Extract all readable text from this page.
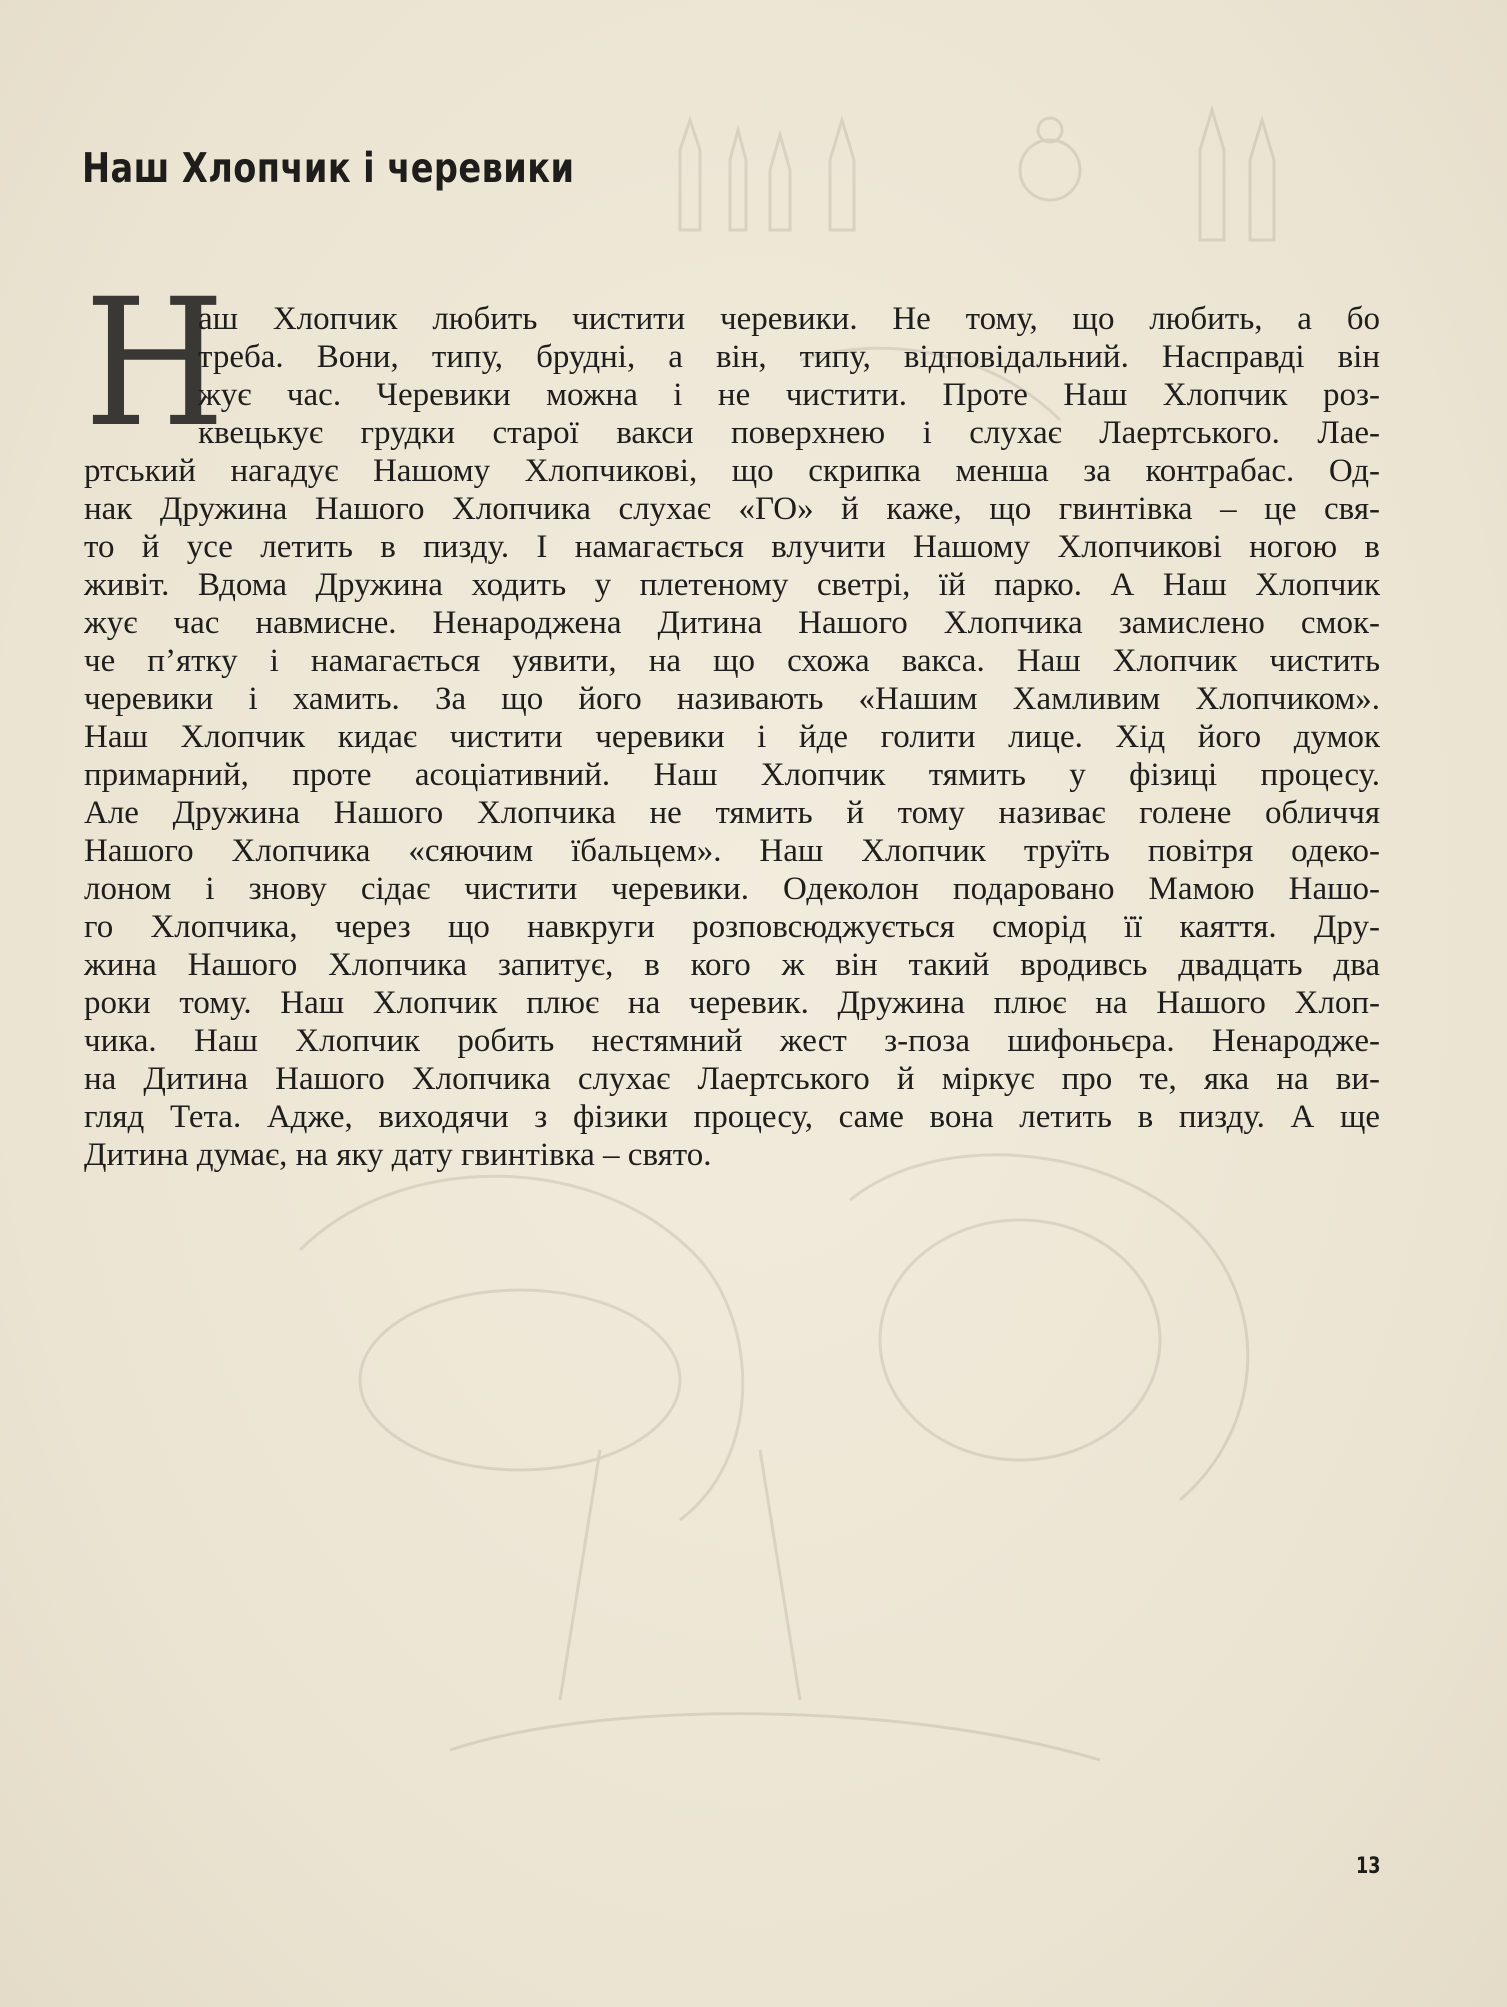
Наш Хлопчик і черевики
Н
аш Хлопчик любить чистити черевики. Не тому, що любить, а бо
треба. Вони, типу, брудні, а він, типу, відповідальний. Насправді він
жує час. Черевики можна і не чистити. Проте Наш Хлопчик роз-
квецькує грудки старої вакси поверхнею і слухає Лаертського. Лае-
ртський нагадує Нашому Хлопчикові, що скрипка менша за контрабас. Од-
нак Дружина Нашого Хлопчика слухає «ГО» й каже, що гвинтівка – це свя-
то й усе летить в пизду. І намагається влучити Нашому Хлопчикові ногою в
живіт. Вдома Дружина ходить у плетеному светрі, їй парко. А Наш Хлопчик
жує час навмисне. Ненароджена Дитина Нашого Хлопчика замислено смок-
че п’ятку і намагається уявити, на що схожа вакса. Наш Хлопчик чистить
черевики і хамить. За що його називають «Нашим Хамливим Хлопчиком».
Наш Хлопчик кидає чистити черевики і йде голити лице. Хід його думок
примарний, проте асоціативний. Наш Хлопчик тямить у фізиці процесу.
Але Дружина Нашого Хлопчика не тямить й тому називає голене обличчя
Нашого Хлопчика «сяючим їбальцем». Наш Хлопчик труїть повітря одеко-
лоном і знову сідає чистити черевики. Одеколон подаровано Мамою Нашо-
го Хлопчика, через що навкруги розповсюджується сморід її каяття. Дру-
жина Нашого Хлопчика запитує, в кого ж він такий вродивсь двадцать два
роки тому. Наш Хлопчик плює на черевик. Дружина плює на Нашого Хлоп-
чика. Наш Хлопчик робить нестямний жест з-поза шифоньєра. Ненароджe-
на Дитина Нашого Хлопчика слухає Лаертського й міркує про те, яка на ви-
гляд Тета. Адже, виходячи з фізики процесу, саме вона летить в пизду. А ще
Дитина думає, на яку дату гвинтівка – свято.
13
